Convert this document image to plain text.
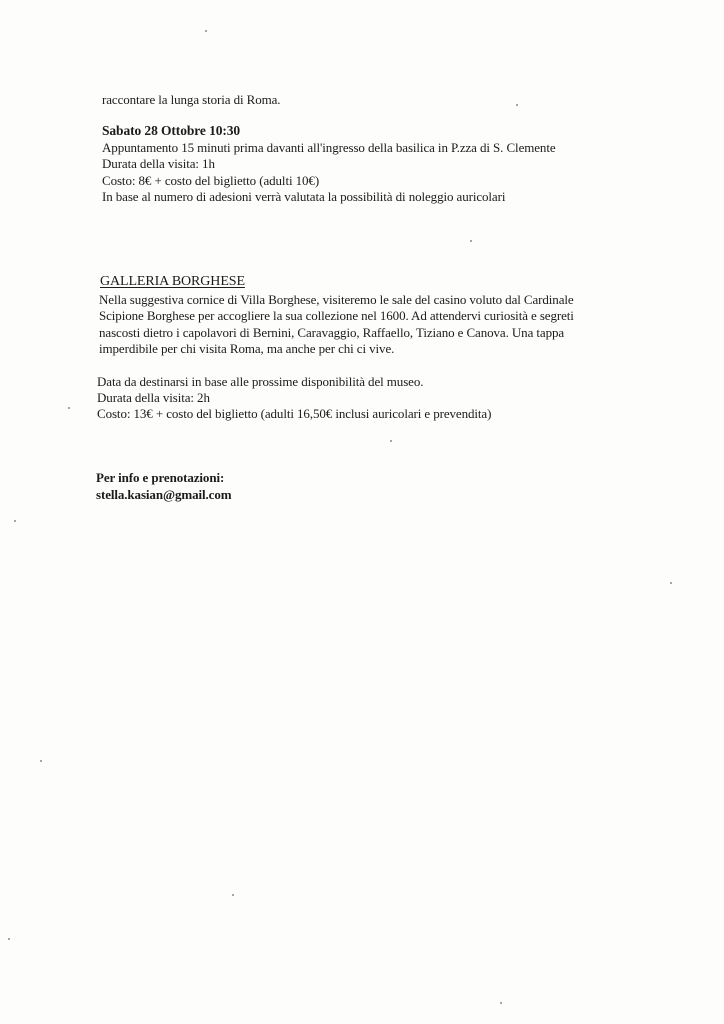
raccontare la lunga storia di Roma.
Sabato 28 Ottobre 10:30
Appuntamento 15 minuti prima davanti all'ingresso della basilica in P.zza di S. Clemente
Durata della visita: 1h
Costo: 8€ + costo del biglietto (adulti 10€)
In base al numero di adesioni verrà valutata la possibilità di noleggio auricolari
GALLERIA BORGHESE
Nella suggestiva cornice di Villa Borghese, visiteremo le sale del casino voluto dal Cardinale
Scipione Borghese per accogliere la sua collezione nel 1600. Ad attendervi curiosità e segreti
nascosti dietro i capolavori di Bernini, Caravaggio, Raffaello, Tiziano e Canova. Una tappa
imperdibile per chi visita Roma, ma anche per chi ci vive.
Data da destinarsi in base alle prossime disponibilità del museo.
Durata della visita: 2h
Costo: 13€ + costo del biglietto (adulti 16,50€ inclusi auricolari e prevendita)
Per info e prenotazioni:
stella.kasian@gmail.com
